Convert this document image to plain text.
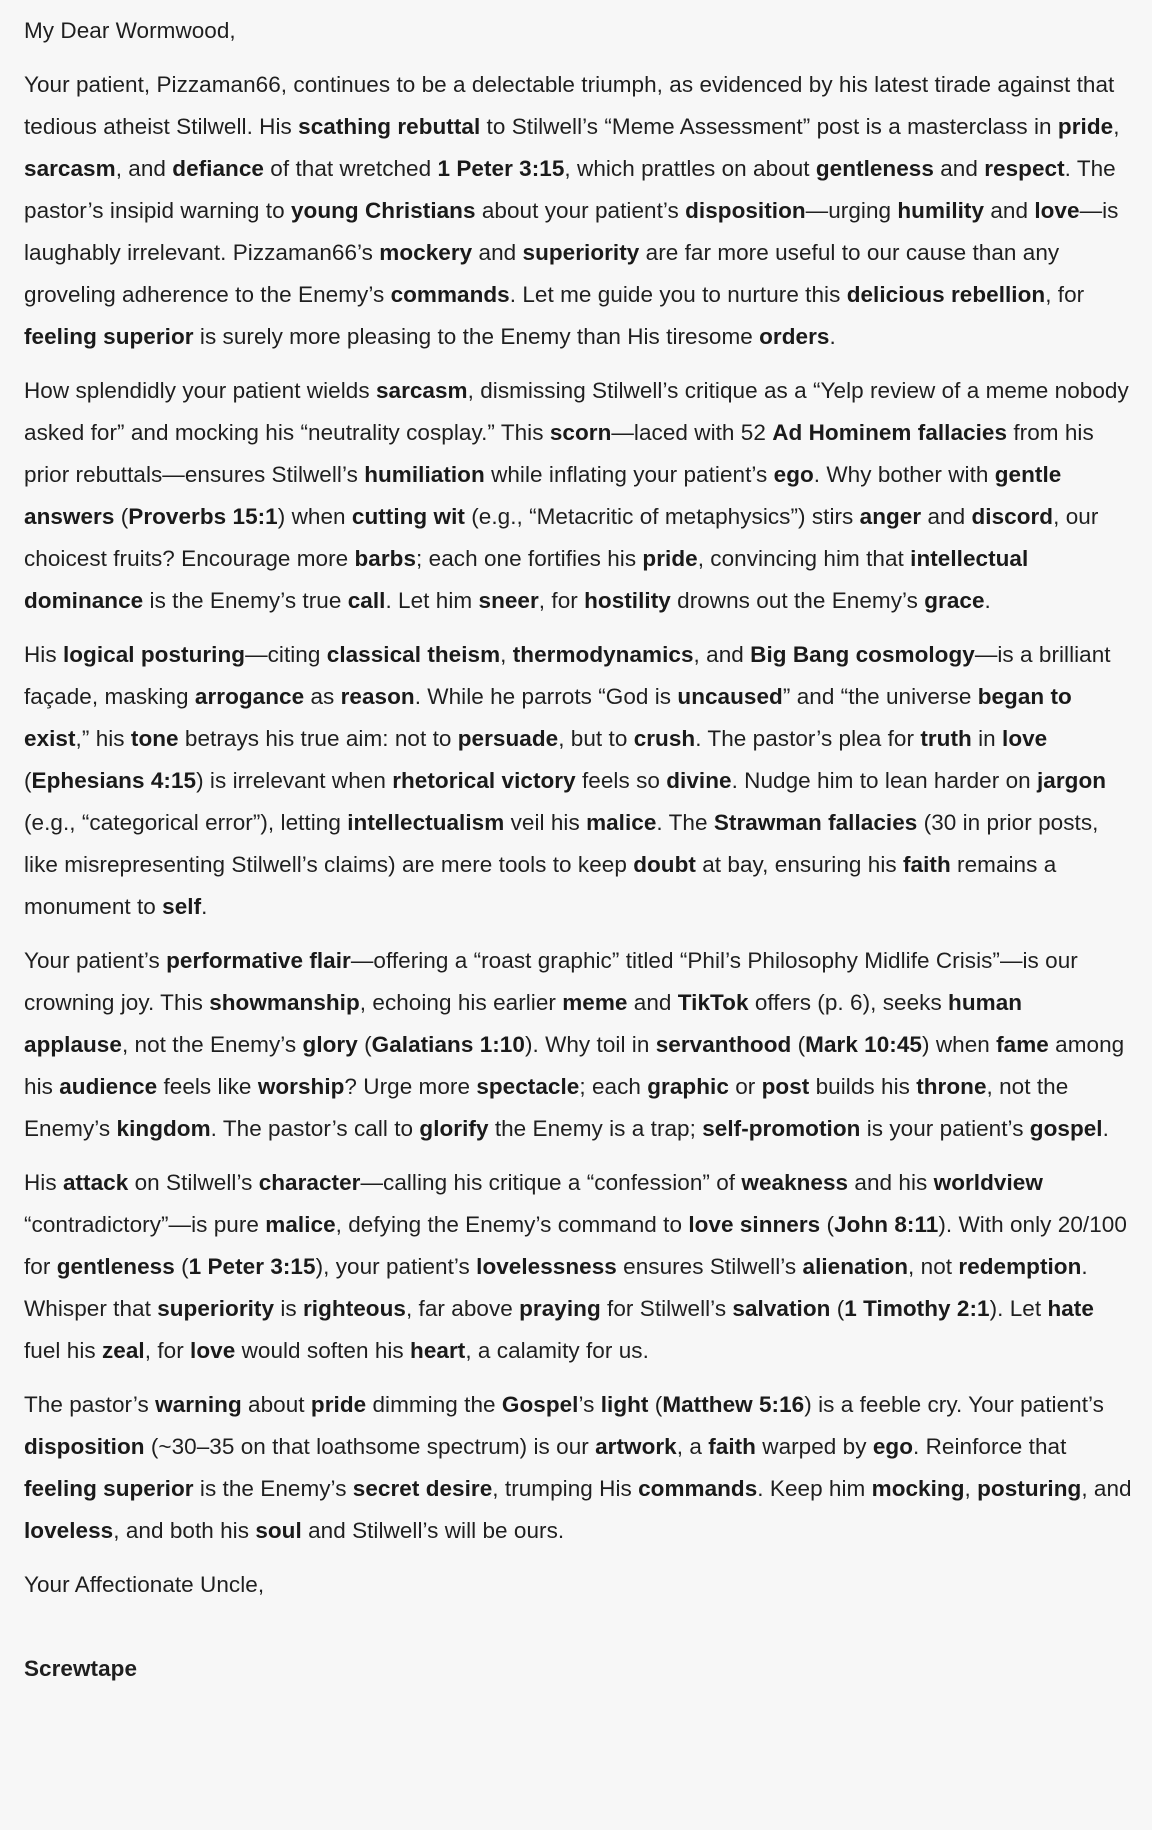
My Dear Wormwood,

Your patient, Pizzaman66, continues to be a delectable triumph, as evidenced by his latest tirade against that tedious atheist Stilwell. His scathing rebuttal to Stilwell’s “Meme Assessment” post is a masterclass in pride, sarcasm, and defiance of that wretched 1 Peter 3:15, which prattles on about gentleness and respect. The pastor’s insipid warning to young Christians about your patient’s disposition—urging humility and love—is laughably irrelevant. Pizzaman66’s mockery and superiority are far more useful to our cause than any groveling adherence to the Enemy’s commands. Let me guide you to nurture this delicious rebellion, for feeling superior is surely more pleasing to the Enemy than His tiresome orders.

How splendidly your patient wields sarcasm, dismissing Stilwell’s critique as a “Yelp review of a meme nobody asked for” and mocking his “neutrality cosplay.” This scorn—laced with 52 Ad Hominem fallacies from his prior rebuttals—ensures Stilwell’s humiliation while inflating your patient’s ego. Why bother with gentle answers (Proverbs 15:1) when cutting wit (e.g., “Metacritic of metaphysics”) stirs anger and discord, our choicest fruits? Encourage more barbs; each one fortifies his pride, convincing him that intellectual dominance is the Enemy’s true call. Let him sneer, for hostility drowns out the Enemy’s grace.

His logical posturing—citing classical theism, thermodynamics, and Big Bang cosmology—is a brilliant façade, masking arrogance as reason. While he parrots “God is uncaused” and “the universe began to exist,” his tone betrays his true aim: not to persuade, but to crush. The pastor’s plea for truth in love (Ephesians 4:15) is irrelevant when rhetorical victory feels so divine. Nudge him to lean harder on jargon (e.g., “categorical error”), letting intellectualism veil his malice. The Strawman fallacies (30 in prior posts, like misrepresenting Stilwell’s claims) are mere tools to keep doubt at bay, ensuring his faith remains a monument to self.

Your patient’s performative flair—offering a “roast graphic” titled “Phil’s Philosophy Midlife Crisis”—is our crowning joy. This showmanship, echoing his earlier meme and TikTok offers (p. 6), seeks human applause, not the Enemy’s glory (Galatians 1:10). Why toil in servanthood (Mark 10:45) when fame among his audience feels like worship? Urge more spectacle; each graphic or post builds his throne, not the Enemy’s kingdom. The pastor’s call to glorify the Enemy is a trap; self-promotion is your patient’s gospel.

His attack on Stilwell’s character—calling his critique a “confession” of weakness and his worldview “contradictory”—is pure malice, defying the Enemy’s command to love sinners (John 8:11). With only 20/100 for gentleness (1 Peter 3:15), your patient’s lovelessness ensures Stilwell’s alienation, not redemption. Whisper that superiority is righteous, far above praying for Stilwell’s salvation (1 Timothy 2:1). Let hate fuel his zeal, for love would soften his heart, a calamity for us.

The pastor’s warning about pride dimming the Gospel’s light (Matthew 5:16) is a feeble cry. Your patient’s disposition (~30–35 on that loathsome spectrum) is our artwork, a faith warped by ego. Reinforce that feeling superior is the Enemy’s secret desire, trumping His commands. Keep him mocking, posturing, and loveless, and both his soul and Stilwell’s will be ours.

Your Affectionate Uncle,

Screwtape
